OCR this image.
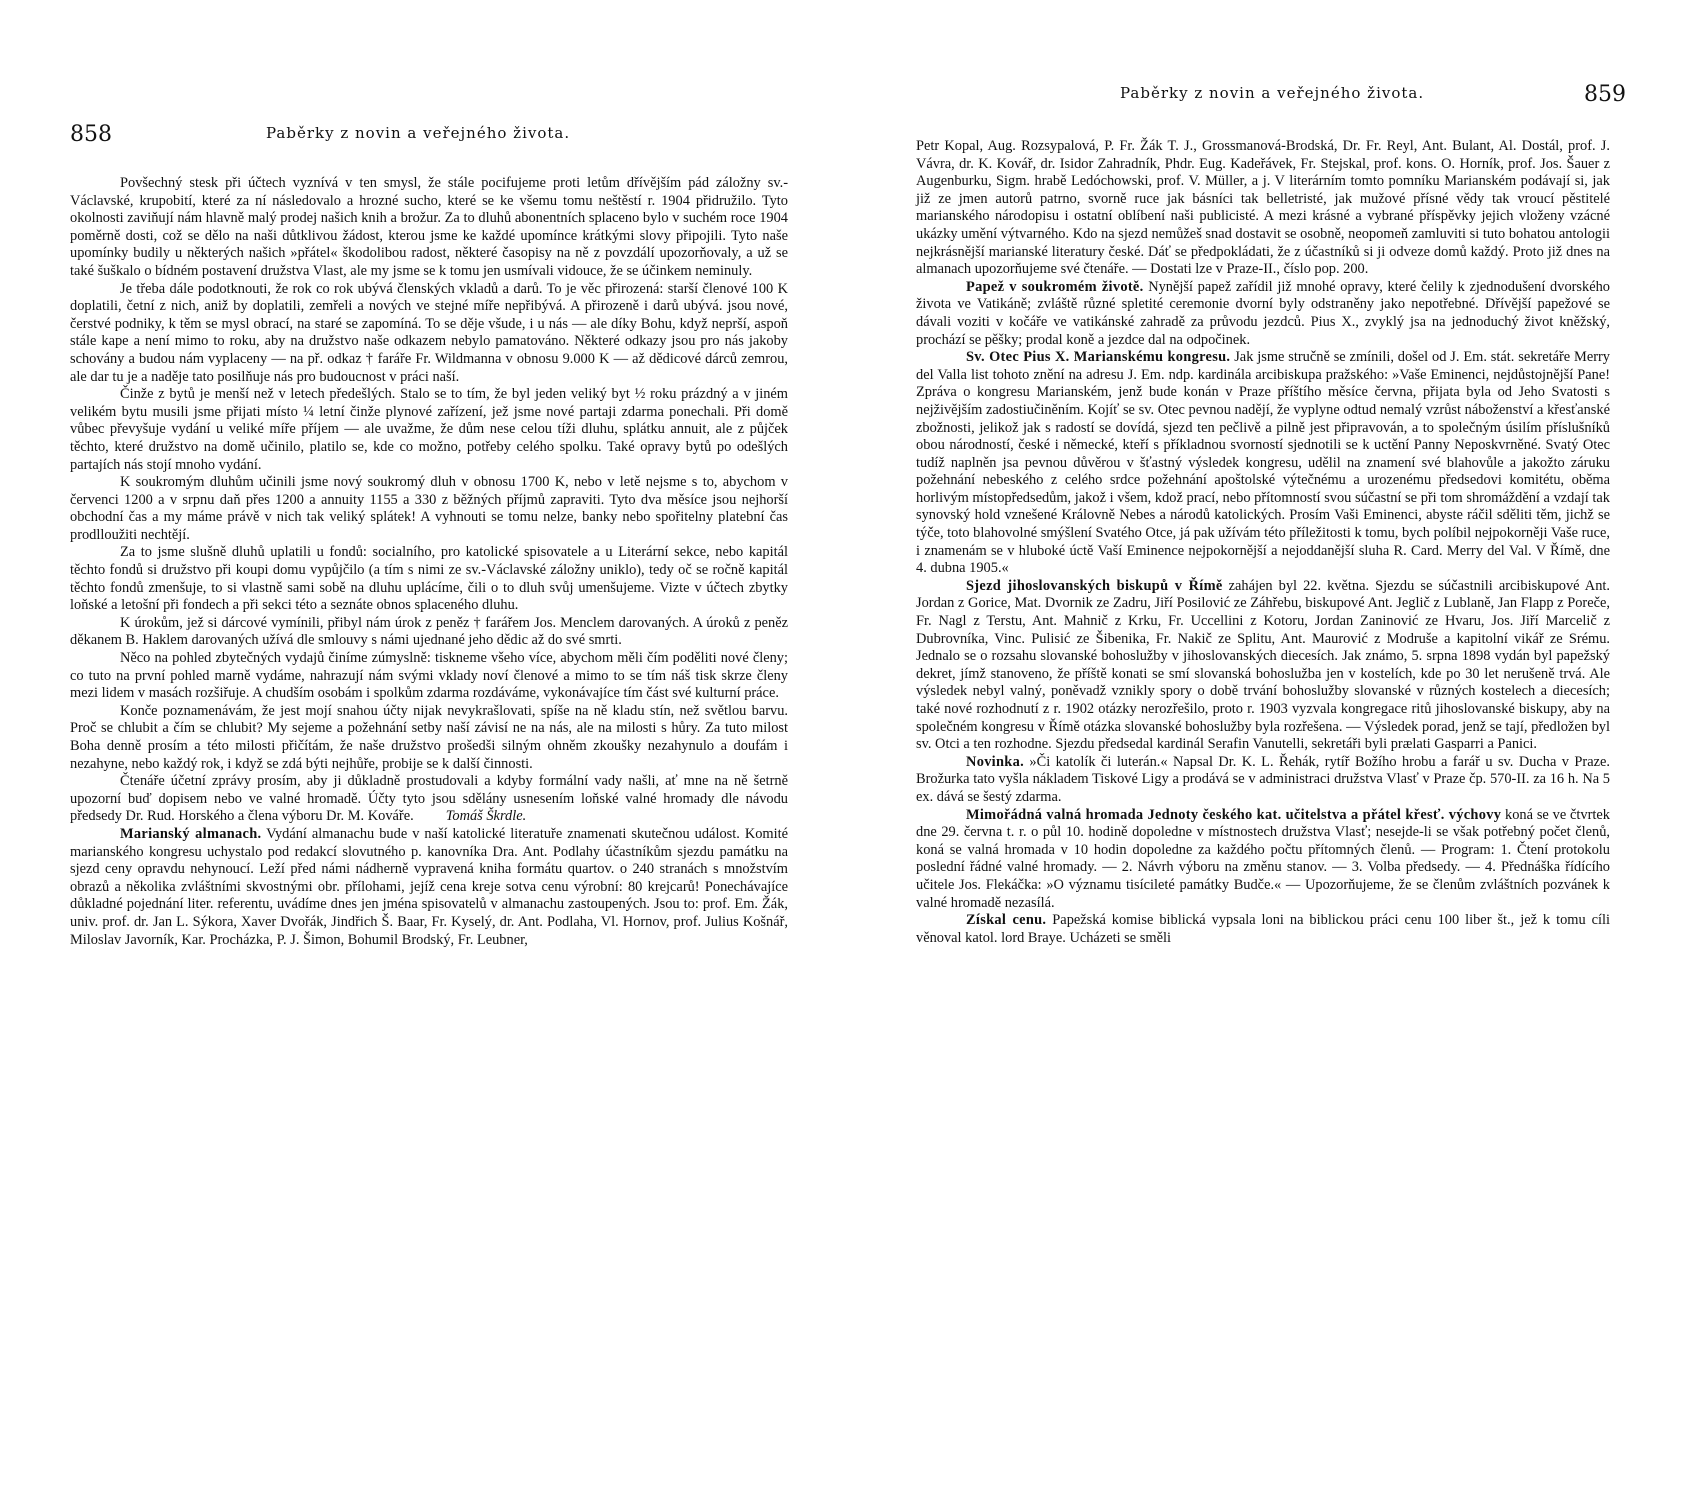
858	Paběrky z novin a veřejného života.

Povšechný stesk při účtech vyznívá v ten smysl, že stále pocifujeme proti letům dřívějším pád záložny sv.-Václavské, krupobití, které za ní následovalo a hrozné sucho, které se ke všemu tomu neštěstí r. 1904 přidružilo. Tyto okolnosti zaviňují nám hlavně malý prodej našich knih a brožur. Za to dluhů abonentních splaceno bylo v suchém roce 1904 poměrně dosti, což se dělo na naši důtklivou žádost, kterou jsme ke každé upomínce krátkými slovy připojili. Tyto naše upomínky budily u některých našich »přátel« škodolibou radost, některé časopisy na ně z povzdálí upozorňovaly, a už se také šuškalo o bídném postavení družstva Vlast, ale my jsme se k tomu jen usmívali vidouce, že se účinkem neminuly.

Je třeba dále podotknouti, že rok co rok ubývá členských vkladů a darů. To je věc přirozená: starší členové 100 K doplatili, četní z nich, aniž by doplatili, zemřeli a nových ve stejné míře nepřibývá. A přirozeně i darů ubývá. jsou nové, čerstvé podniky, k těm se mysl obrací, na staré se zapomíná. To se děje všude, i u nás — ale díky Bohu, když neprší, aspoň stále kape a není mimo to roku, aby na družstvo naše odkazem nebylo pamatováno. Některé odkazy jsou pro nás jakoby schovány a budou nám vyplaceny — na př. odkaz † faráře Fr. Wildmanna v obnosu 9.000 K — až dědicové dárců zemrou, ale dar tu je a naděje tato posilňuje nás pro budoucnost v práci naší.

Činže z bytů je menší než v letech předešlých. Stalo se to tím, že byl jeden veliký byt ½ roku prázdný a v jiném velikém bytu musili jsme přijati místo ¼ letní činže plynové zařízení, jež jsme nové partaji zdarma ponechali. Při domě vůbec převyšuje vydání u veliké míře příjem — ale uvažme, že dům nese celou tíži dluhu, splátku annuit, ale z půjček těchto, které družstvo na domě učinilo, platilo se, kde co možno, potřeby celého spolku. Také opravy bytů po odešlých partajích nás stojí mnoho vydání.

K soukromým dluhům učinili jsme nový soukromý dluh v obnosu 1700 K, nebo v letě nejsme s to, abychom v červenci 1200 a v srpnu daň přes 1200 a annuity 1155 a 330 z běžných příjmů zapraviti. Tyto dva měsíce jsou nejhorší obchodní čas a my máme právě v nich tak veliký splátek! A vyhnouti se tomu nelze, banky nebo spořitelny platební čas prodlloužiti nechtějí.

Za to jsme slušně dluhů uplatili u fondů: socialního, pro katolické spisovatele a u Literární sekce, nebo kapitál těchto fondů si družstvo při koupi domu vypůjčilo (a tím s nimi ze sv.-Václavské záložny uniklo), tedy oč se ročně kapitál těchto fondů zmenšuje, to si vlastně sami sobě na dluhu uplácíme, čili o to dluh svůj umenšujeme. Vizte v účtech zbytky loňské a letošní při fondech a při sekci této a seznáte obnos splaceného dluhu.

K úrokům, jež si dárcové vymínili, přibyl nám úrok z peněz † farářem Jos. Menclem darovaných. A úroků z peněz děkanem B. Haklem darovaných užívá dle smlouvy s námi ujednané jeho dědic až do své smrti.

Něco na pohled zbytečných vydajů činíme zúmyslně: tiskneme všeho více, abychom měli čím poděliti nové členy; co tuto na první pohled marně vydáme, nahrazují nám svými vklady noví členové a mimo to se tím náš tisk skrze členy mezi lidem v masách rozšiřuje. A chudším osobám i spolkům zdarma rozdáváme, vykonávajíce tím část své kulturní práce.

Konče poznamenávám, že jest mojí snahou účty nijak nevykrašlovati, spíše na ně kladu stín, než světlou barvu. Proč se chlubit a čím se chlubit? My sejeme a požehnání setby naší závisí ne na nás, ale na milosti s hůry. Za tuto milost Boha denně prosím a této milosti přičítám, že naše družstvo prošedši silným ohněm zkoušky nezahynulo a doufám i nezahyne, nebo každý rok, i když se zdá býti nejhůře, probije se k další činnosti.

Čtenáře účetní zprávy prosím, aby ji důkladně prostudovali a kdyby formální vady našli, ať mne na ně šetrně upozorní buď dopisem nebo ve valné hromadě. Účty tyto jsou sdělány usnesením loňské valné hromady dle návodu předsedy Dr. Rud. Horského a člena výboru Dr. M. Kováře. Tomáš Škrdle.

Marianský almanach. Vydání almanachu bude v naší katolické literatuře znamenati skutečnou událost. Komité marianského kongresu uchystalo pod redakcí slovutného p. kanovníka Dra. Ant. Podlahy účastníkům sjezdu památku na sjezd ceny opravdu nehynoucí. Leží před námi nádherně vypravená kniha formátu quartov. o 240 stranách s množstvím obrazů a několika zvláštními skvostnými obr. přílohami, jejíž cena kreje sotva cenu výrobní: 80 krejcarů! Ponechávajíce důkladné pojednání liter. referentu, uvádíme dnes jen jména spisovatelů v almanachu zastoupených. Jsou to: prof. Em. Žák, univ. prof. dr. Jan L. Sýkora, Xaver Dvořák, Jindřich Š. Baar, Fr. Kyselý, dr. Ant. Podlaha, Vl. Hornov, prof. Julius Košnář, Miloslav Javorník, Kar. Procházka, P. J. Šimon, Bohumil Brodský, Fr. Leubner,

Paběrky z novin a veřejného života.	859

Petr Kopal, Aug. Rozsypalová, P. Fr. Žák T. J., Grossmanová-Brodská, Dr. Fr. Reyl, Ant. Bulant, Al. Dostál, prof. J. Vávra, dr. K. Kovář, dr. Isidor Zahradník, Phdr. Eug. Kadeřávek, Fr. Stejskal, prof. kons. O. Horník, prof. Jos. Šauer z Augenburku, Sigm. hrabě Ledóchowski, prof. V. Müller, a j. V literárním tomto pomníku Marianském podávají si, jak již ze jmen autorů patrno, svorně ruce jak básníci tak belletristé, jak mužové přísné vědy tak vroucí pěstitelé marianského národopisu i ostatní oblíbení naši publicisté. A mezi krásné a vybrané příspěvky jejich vloženy vzácné ukázky umění výtvarného. Kdo na sjezd nemůžeš snad dostavit se osobně, neopomeň zamluviti si tuto bohatou antologii nejkrásnější marianské literatury české. Dáť se předpokládati, že z účastníků si ji odveze domů každý. Proto již dnes na almanach upozorňujeme své čtenáře. — Dostati lze v Praze-II., číslo pop. 200.

Papež v soukromém životě. Nynější papež zařídil již mnohé opravy, které čelily k zjednodušení dvorského života ve Vatikáně; zvláště různé spletité ceremonie dvorní byly odstraněny jako nepotřebné. Dřívější papežové se dávali voziti v kočáře ve vatikánské zahradě za průvodu jezdců. Pius X., zvyklý jsa na jednoduchý život kněžský, prochází se pěšky; prodal koně a jezdce dal na odpočinek.

Sv. Otec Pius X. Marianskému kongresu. Jak jsme stručně se zmínili, došel od J. Em. stát. sekretáře Merry del Valla list tohoto znění na adresu J. Em. ndp. kardinála arcibiskupa pražského: »Vaše Eminenci, nejdůstojnější Pane! Zpráva o kongresu Marianském, jenž bude konán v Praze příštího měsíce června, přijata byla od Jeho Svatosti s nejživějším zadostiučiněním. Kojíť se sv. Otec pevnou nadějí, že vyplyne odtud nemalý vzrůst náboženství a křesťanské zbožnosti, jelikož jak s radostí se dovídá, sjezd ten pečlivě a pilně jest připravován, a to společným úsilím příslušníků obou národností, české i německé, kteří s příkladnou svorností sjednotili se k uctění Panny Neposkvrněné. Svatý Otec tudíž naplněn jsa pevnou důvěrou v šťastný výsledek kongresu, udělil na znamení své blahovůle a jakožto záruku požehnání nebeského z celého srdce požehnání apoštolské výtečnému a urozenému předsedovi komitétu, oběma horlivým místopředsedům, jakož i všem, kdož prací, nebo přítomností svou súčastní se při tom shromáždění a vzdají tak synovský hold vznešené Královně Nebes a národů katolických. Prosím Vaši Eminenci, abyste ráčil sděliti těm, jichž se týče, toto blahovolné smýšlení Svatého Otce, já pak užívám této příležitosti k tomu, bych políbil nejpokorněji Vaše ruce, i znamenám se v hluboké úctě Vaší Eminence nejpokornější a nejoddanější sluha R. Card. Merry del Val. V Římě, dne 4. dubna 1905.«

Sjezd jihoslovanských biskupů v Římě zahájen byl 22. května. Sjezdu se súčastnili arcibiskupové Ant. Jordan z Gorice, Mat. Dvornik ze Zadru, Jiří Posilović ze Záhřebu, biskupové Ant. Jeglič z Lublaně, Jan Flapp z Poreče, Fr. Nagl z Terstu, Ant. Mahnič z Krku, Fr. Uccellini z Kotoru, Jordan Zaninović ze Hvaru, Jos. Jiří Marcelič z Dubrovníka, Vinc. Pulisić ze Šibenika, Fr. Nakič ze Splitu, Ant. Maurović z Modruše a kapitolní vikář ze Srému. Jednalo se o rozsahu slovanské bohoslužby v jihoslovanských diecesích. Jak známo, 5. srpna 1898 vydán byl papežský dekret, jímž stanoveno, že příště konati se smí slovanská bohoslužba jen v kostelích, kde po 30 let nerušeně trvá. Ale výsledek nebyl valný, poněvadž vznikly spory o době trvání bohoslužby slovanské v různých kostelech a diecesích; také nové rozhodnutí z r. 1902 otázky nerozřešilo, proto r. 1903 vyzvala kongregace ritů jihoslovanské biskupy, aby na společném kongresu v Římě otázka slovanské bohoslužby byla rozřešena. — Výsledek porad, jenž se tají, předložen byl sv. Otci a ten rozhodne. Sjezdu předsedal kardinál Serafin Vanutelli, sekretáři byli prælati Gasparri a Panici.

Novinka. »Či katolík či luterán.« Napsal Dr. K. L. Řehák, rytíř Božího hrobu a farář u sv. Ducha v Praze. Brožurka tato vyšla nákladem Tiskové Ligy a prodává se v administraci družstva Vlasť v Praze čp. 570-II. za 16 h. Na 5 ex. dává se šestý zdarma.

Mimořádná valná hromada Jednoty českého kat. učitelstva a přátel křesť. výchovy koná se ve čtvrtek dne 29. června t. r. o půl 10. hodině dopoledne v místnostech družstva Vlasť; nesejde-li se však potřebný počet členů, koná se valná hromada v 10 hodin dopoledne za každého počtu přítomných členů. — Program: 1. Čtení protokolu poslední řádné valné hromady. — 2. Návrh výboru na změnu stanov. — 3. Volba předsedy. — 4. Přednáška řídícího učitele Jos. Flekáčka: »O významu tisícileté památky Budče.« — Upozorňujeme, že se členům zvláštních pozvánek k valné hromadě nezasílá.

Získal cenu. Papežská komise biblická vypsala loni na biblickou práci cenu 100 liber št., jež k tomu cíli věnoval katol. lord Braye. Ucházeti se směli
